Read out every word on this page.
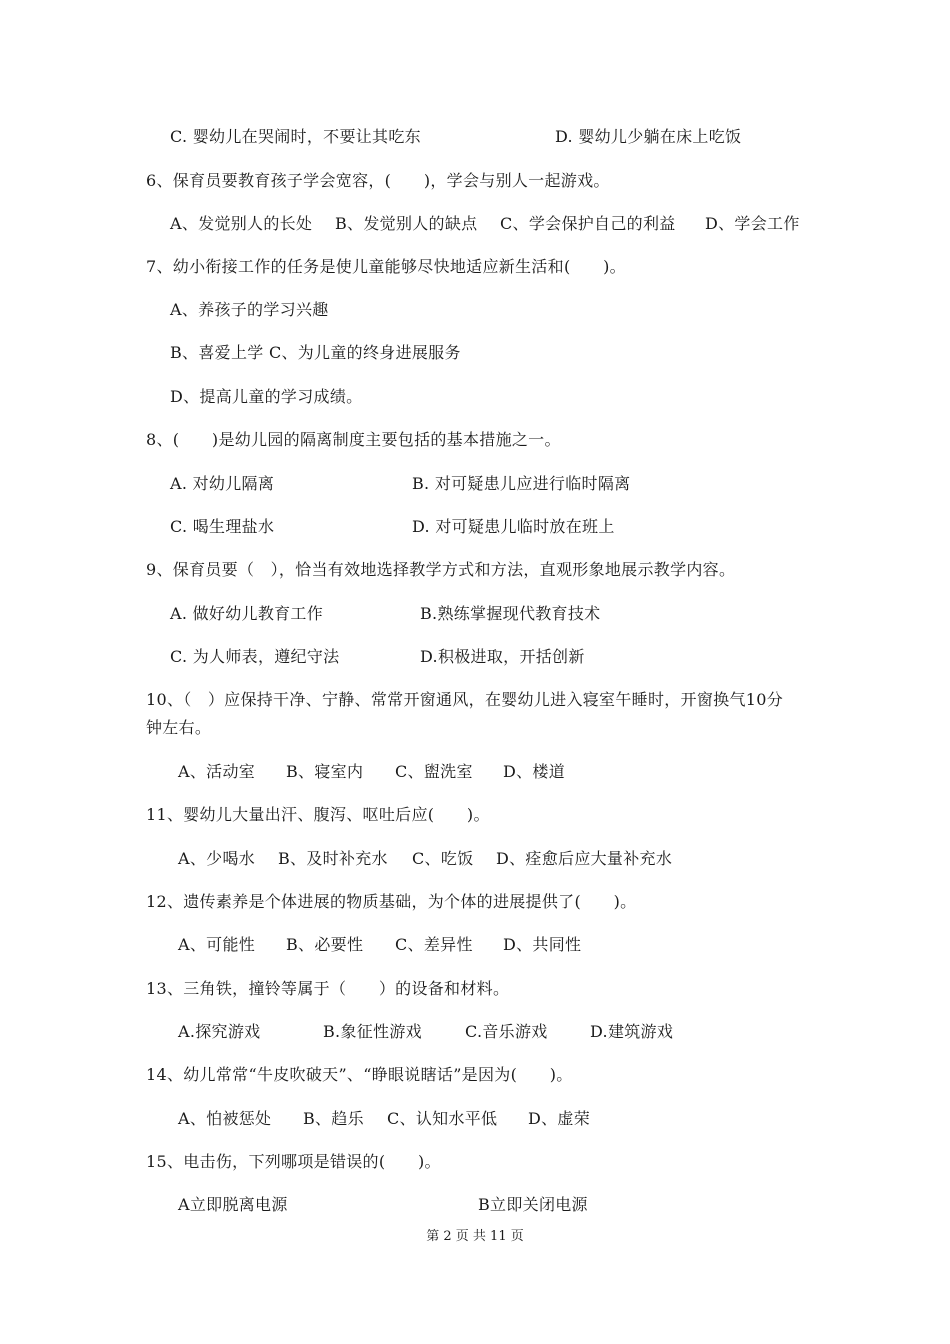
C. 婴幼儿在哭闹时，不要让其吃东	D. 婴幼儿少躺在床上吃饭
6、保育员要教育孩子学会宽容，(　　)，学会与别人一起游戏。
A、发觉别人的长处 B、发觉别人的缺点 C、学会保护自己的利益 D、学会工作
7、幼小衔接工作的任务是使儿童能够尽快地适应新生活和(　　)。
A、养孩子的学习兴趣
B、喜爱上学 C、为儿童的终身进展服务
D、提高儿童的学习成绩。
8、(　　)是幼儿园的隔离制度主要包括的基本措施之一。
A. 对幼儿隔离	B. 对可疑患儿应进行临时隔离
C. 喝生理盐水	D. 对可疑患儿临时放在班上
9、保育员要（　），恰当有效地选择教学方式和方法，直观形象地展示教学内容。
A. 做好幼儿教育工作	B.熟练掌握现代教育技术
C. 为人师表，遵纪守法	D.积极进取，开括创新
10、（　）应保持干净、宁静、常常开窗通风，在婴幼儿进入寝室午睡时，开窗换气10分
钟左右。
A、活动室 B、寝室内 C、盥洗室 D、楼道
11、婴幼儿大量出汗、腹泻、呕吐后应(　　)。
A、少喝水 B、及时补充水 C、吃饭 D、痊愈后应大量补充水
12、遗传素养是个体进展的物质基础，为个体的进展提供了(　　)。
A、可能性 B、必要性 C、差异性 D、共同性
13、三角铁，撞铃等属于（　　）的设备和材料。
A.探究游戏	B.象征性游戏	C.音乐游戏	D.建筑游戏
14、幼儿常常“牛皮吹破天”、“睁眼说瞎话”是因为(　　)。
A、怕被惩处 B、趋乐 C、认知水平低 D、虚荣
15、电击伤，下列哪项是错误的(　　)。
A立即脱离电源	B立即关闭电源
第 2 页 共 11 页
